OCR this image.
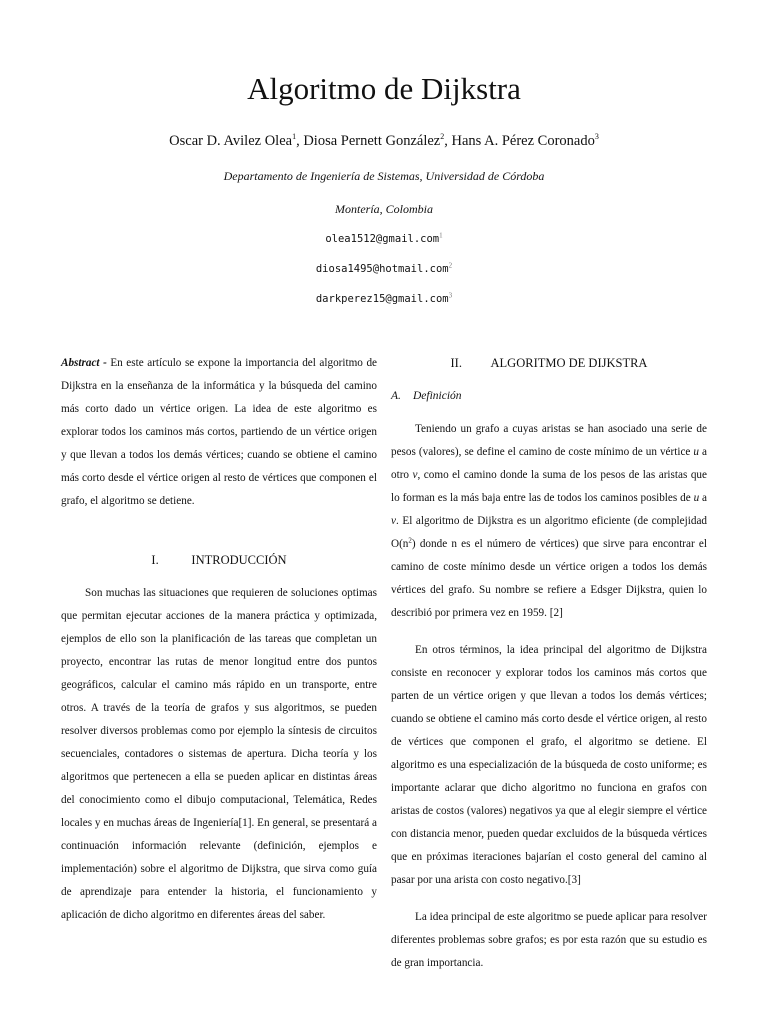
Algoritmo de Dijkstra
Oscar D. Avilez Olea$^1$, Diosa Pernett González$^2$, Hans A. Pérez Coronado$^3$
Departamento de Ingeniería de Sistemas, Universidad de Córdoba
Montería, Colombia
olea1512@gmail.com$^1$
diosa1495@hotmail.com$^2$
darkperez15@gmail.com$^3$

Abstract - En este artículo se expone la importancia del algoritmo de Dijkstra en la enseñanza de la informática y la búsqueda del camino más corto dado un vértice origen. La idea de este algoritmo es explorar todos los caminos más cortos, partiendo de un vértice origen y que llevan a todos los demás vértices; cuando se obtiene el camino más corto desde el vértice origen al resto de vértices que componen el grafo, el algoritmo se detiene.

I.	INTRODUCCIÓN

Son muchas las situaciones que requieren de soluciones optimas que permitan ejecutar acciones de la manera práctica y optimizada, ejemplos de ello son la planificación de las tareas que completan un proyecto, encontrar las rutas de menor longitud entre dos puntos geográficos, calcular el camino más rápido en un transporte, entre otros. A través de la teoría de grafos y sus algoritmos, se pueden resolver diversos problemas como por ejemplo la síntesis de circuitos secuenciales, contadores o sistemas de apertura. Dicha teoría y los algoritmos que pertenecen a ella se pueden aplicar en distintas áreas del conocimiento como el dibujo computacional, Telemática, Redes locales y en muchas áreas de Ingeniería[1]. En general, se presentará a continuación información relevante (definición, ejemplos e implementación) sobre el algoritmo de Dijkstra, que sirva como guía de aprendizaje para entender la historia, el funcionamiento y aplicación de dicho algoritmo en diferentes áreas del saber.

II. ALGORITMO DE DIJKSTRA
A. Definición

Teniendo un grafo a cuyas aristas se han asociado una serie de pesos (valores), se define el camino de coste mínimo de un vértice u a otro v, como el camino donde la suma de los pesos de las aristas que lo forman es la más baja entre las de todos los caminos posibles de u a v. El algoritmo de Dijkstra es un algoritmo eficiente (de complejidad $O(n^2)$ donde n es el número de vértices) que sirve para encontrar el camino de coste mínimo desde un vértice origen a todos los demás vértices del grafo. Su nombre se refiere a Edsger Dijkstra, quien lo describió por primera vez en 1959. [2]

En otros términos, la idea principal del algoritmo de Dijkstra consiste en reconocer y explorar todos los caminos más cortos que parten de un vértice origen y que llevan a todos los demás vértices; cuando se obtiene el camino más corto desde el vértice origen, al resto de vértices que componen el grafo, el algoritmo se detiene. El algoritmo es una especialización de la búsqueda de costo uniforme; es importante aclarar que dicho algoritmo no funciona en grafos con aristas de costos (valores) negativos ya que al elegir siempre el vértice con distancia menor, pueden quedar excluidos de la búsqueda vértices que en próximas iteraciones bajarían el costo general del camino al pasar por una arista con costo negativo.[3]

La idea principal de este algoritmo se puede aplicar para resolver diferentes problemas sobre grafos; es por esta razón que su estudio es de gran importancia.
